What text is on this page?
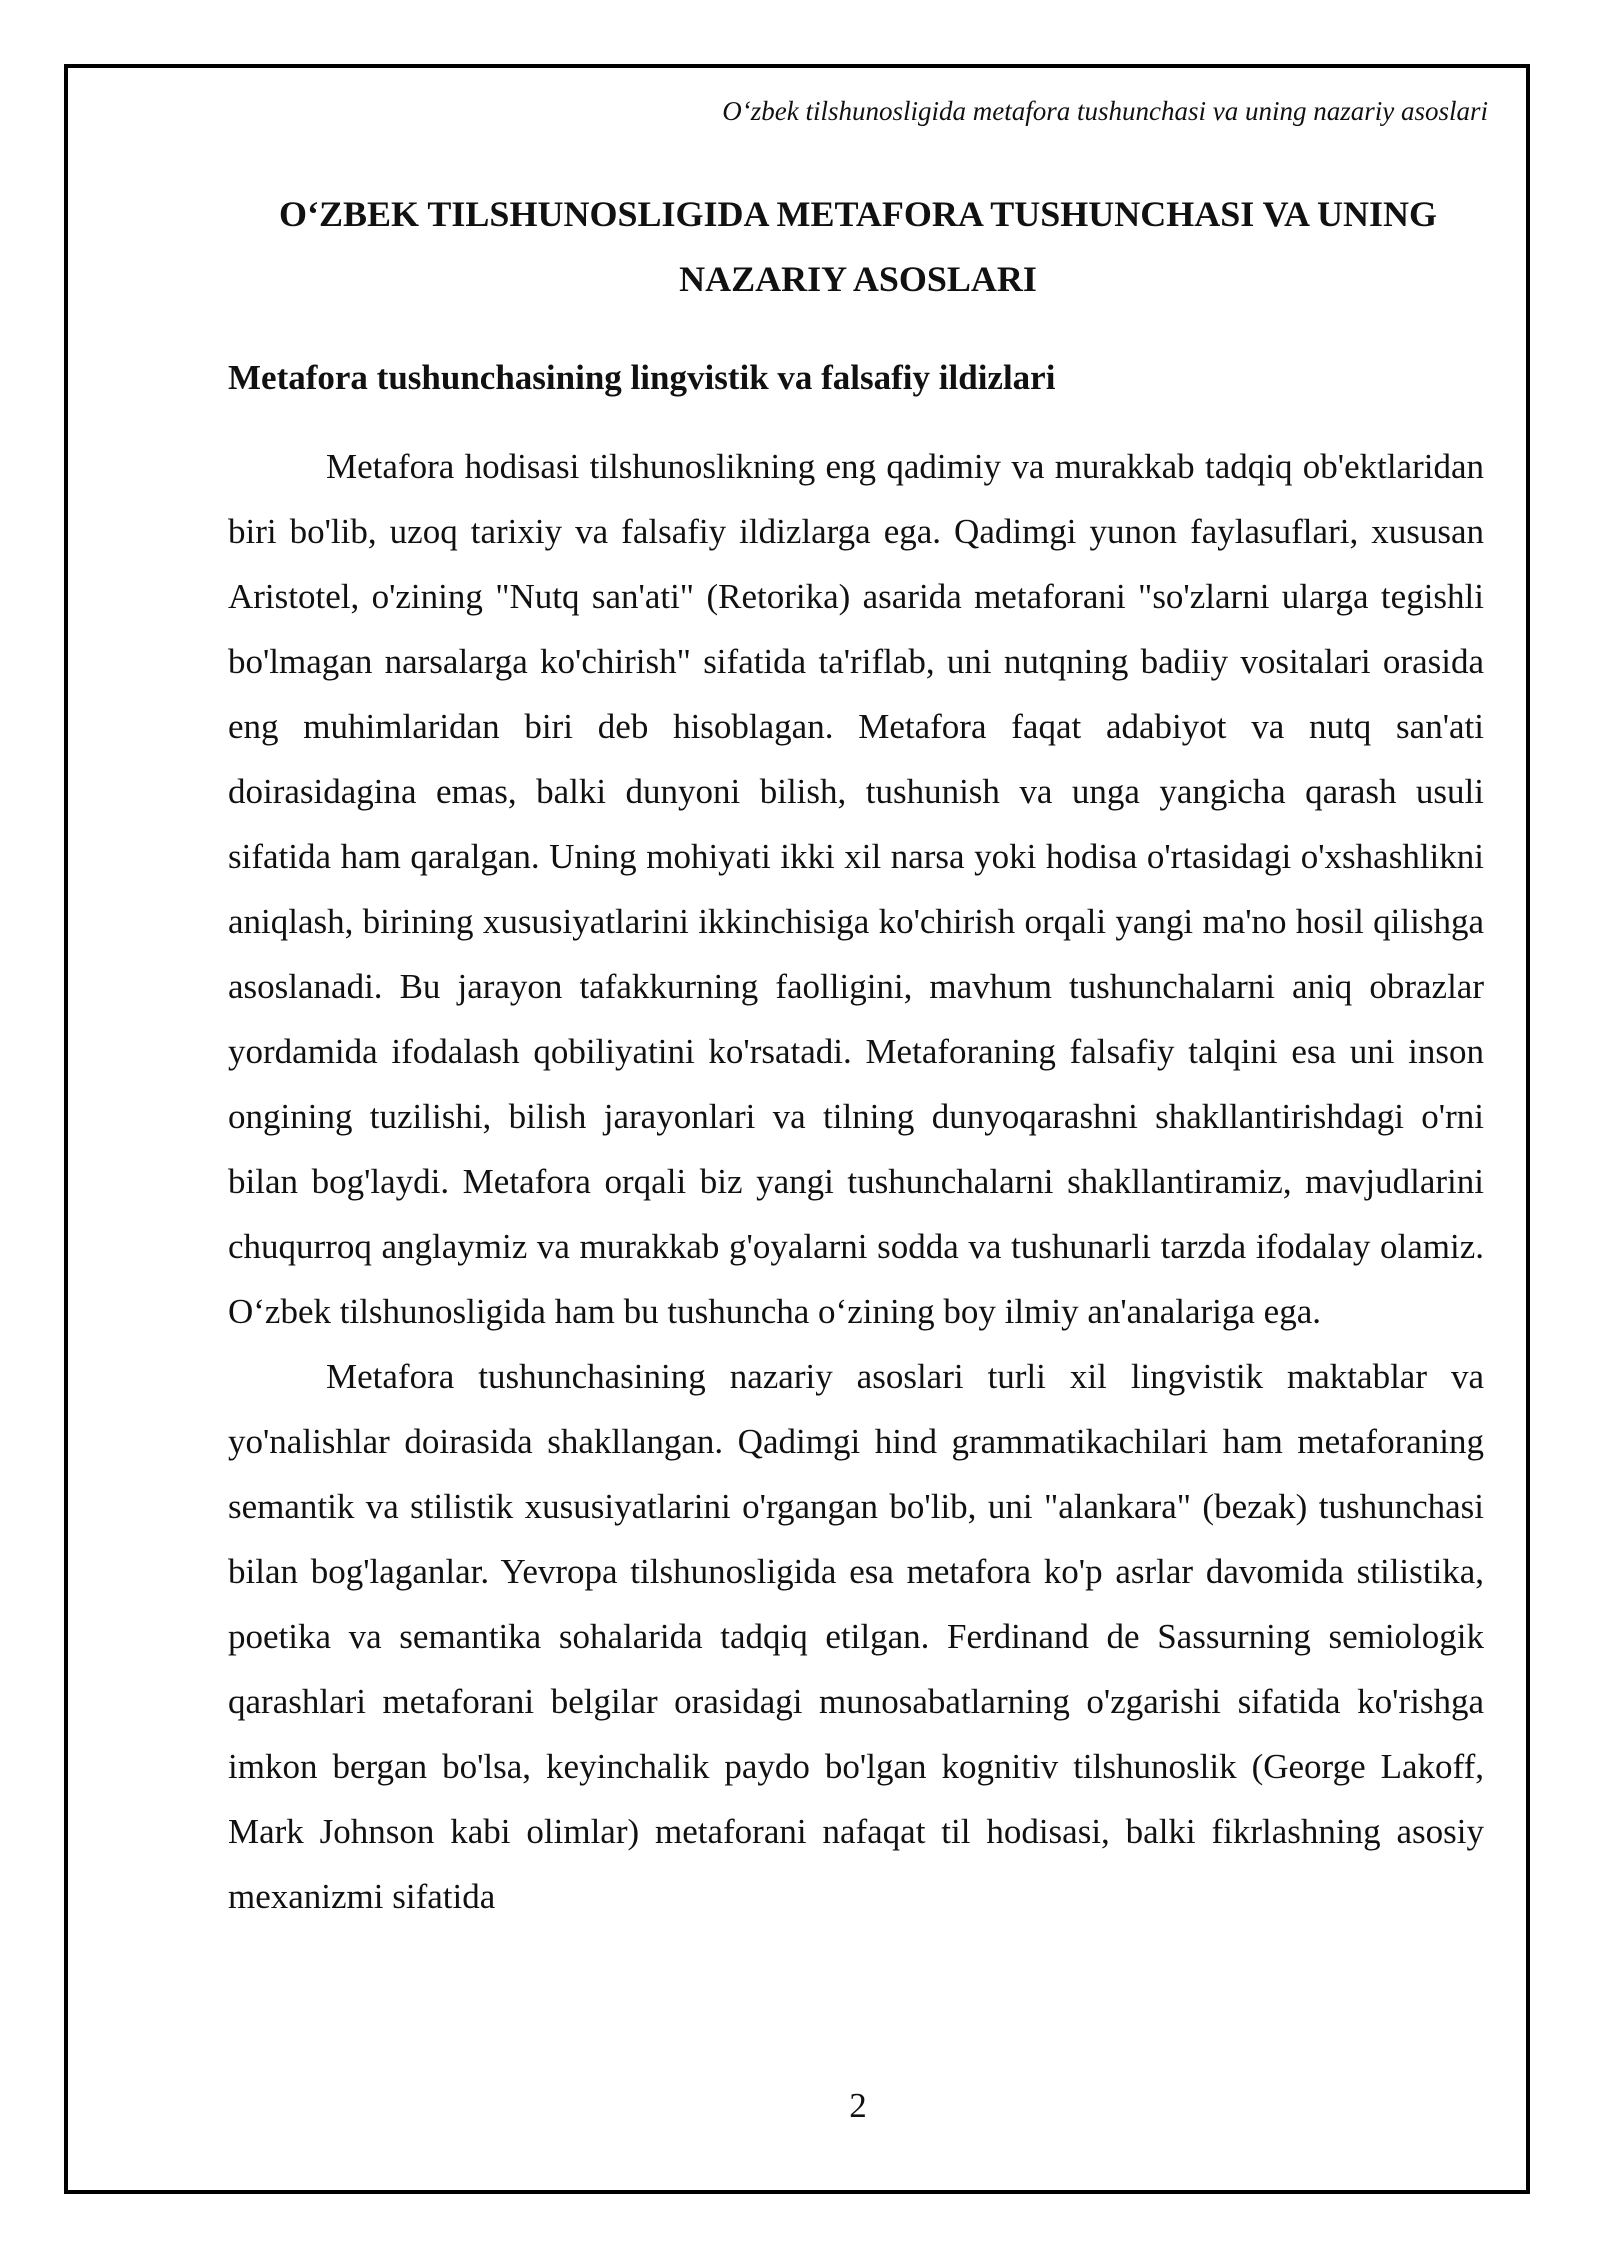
O‘zbek tilshunosligida metafora tushunchasi va uning nazariy asoslari
O‘ZBEK TILSHUNOSLIGIDA METAFORA TUSHUNCHASI VA UNING
NAZARIY ASOSLARI
Metafora tushunchasining lingvistik va falsafiy ildizlari

Metafora hodisasi tilshunoslikning eng qadimiy va murakkab tadqiq ob'ektlaridan biri bo'lib, uzoq tarixiy va falsafiy ildizlarga ega. Qadimgi yunon faylasuflari, xususan Aristotel, o'zining "Nutq san'ati" (Retorika) asarida metaforani "so'zlarni ularga tegishli bo'lmagan narsalarga ko'chirish" sifatida ta'riflab, uni nutqning badiiy vositalari orasida eng muhimlaridan biri deb hisoblagan. Metafora faqat adabiyot va nutq san'ati doirasidagina emas, balki dunyoni bilish, tushunish va unga yangicha qarash usuli sifatida ham qaralgan. Uning mohiyati ikki xil narsa yoki hodisa o'rtasidagi o'xshashlikni aniqlash, birining xususiyatlarini ikkinchisiga ko'chirish orqali yangi ma'no hosil qilishga asoslanadi. Bu jarayon tafakkurning faolligini, mavhum tushunchalarni aniq obrazlar yordamida ifodalash qobiliyatini ko'rsatadi. Metaforaning falsafiy talqini esa uni inson ongining tuzilishi, bilish jarayonlari va tilning dunyoqarashni shakllantirishdagi o'rni bilan bog'laydi. Metafora orqali biz yangi tushunchalarni shakllantiramiz, mavjudlarini chuqurroq anglaymiz va murakkab g'oyalarni sodda va tushunarli tarzda ifodalay olamiz. O‘zbek tilshunosligida ham bu tushuncha o‘zining boy ilmiy an'analariga ega.

Metafora tushunchasining nazariy asoslari turli xil lingvistik maktablar va yo'nalishlar doirasida shakllangan. Qadimgi hind grammatikachilari ham metaforaning semantik va stilistik xususiyatlarini o'rgangan bo'lib, uni "alankara" (bezak) tushunchasi bilan bog'laganlar. Yevropa tilshunosligida esa metafora ko'p asrlar davomida stilistika, poetika va semantika sohalarida tadqiq etilgan. Ferdinand de Sassurning semiologik qarashlari metaforani belgilar orasidagi munosabatlarning o'zgarishi sifatida ko'rishga imkon bergan bo'lsa, keyinchalik paydo bo'lgan kognitiv tilshunoslik (George Lakoff, Mark Johnson kabi olimlar) metaforani nafaqat til hodisasi, balki fikrlashning asosiy mexanizmi sifatida

2
